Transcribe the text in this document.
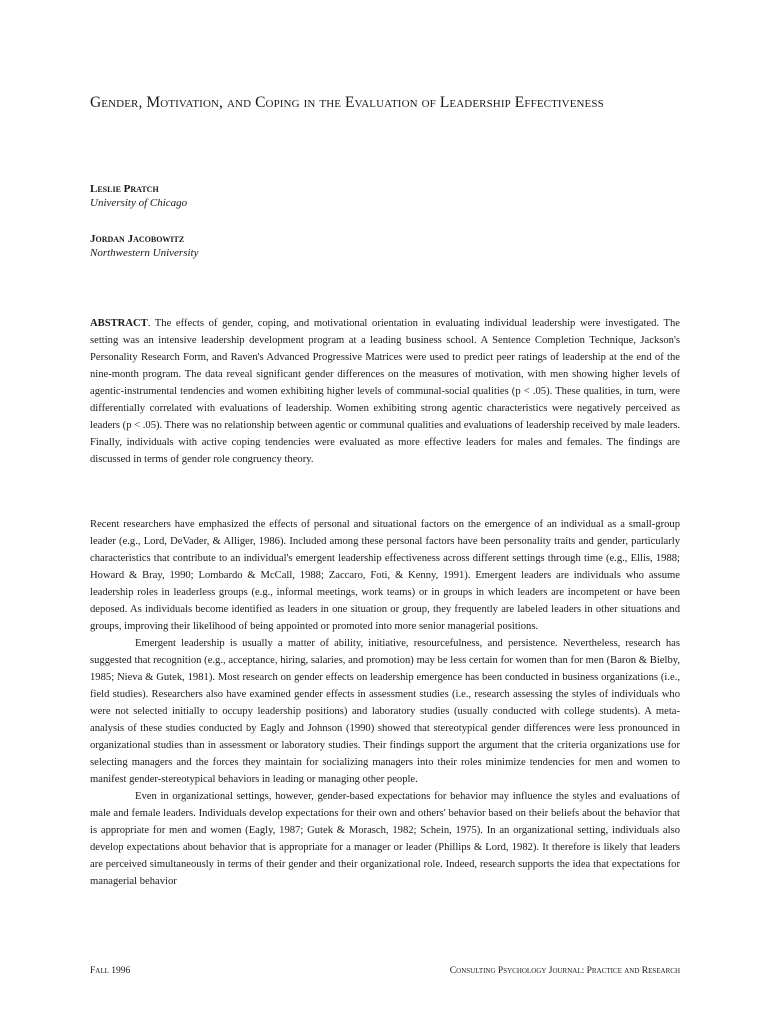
Gender, Motivation, and Coping in the Evaluation of Leadership Effectiveness
Leslie Pratch
University of Chicago
Jordan Jacobowitz
Northwestern University

ABSTRACT. The effects of gender, coping, and motivational orientation in evaluating individual leadership were investigated. The setting was an intensive leadership development program at a leading business school. A Sentence Completion Technique, Jackson's Personality Research Form, and Raven's Advanced Progressive Matrices were used to predict peer ratings of leadership at the end of the nine-month program. The data reveal significant gender differences on the measures of motivation, with men showing higher levels of agentic-instrumental tendencies and women exhibiting higher levels of communal-social qualities (p < .05). These qualities, in turn, were differentially correlated with evaluations of leadership. Women exhibiting strong agentic characteristics were negatively perceived as leaders (p < .05). There was no relationship between agentic or communal qualities and evaluations of leadership received by male leaders. Finally, individuals with active coping tendencies were evaluated as more effective leaders for males and females. The findings are discussed in terms of gender role congruency theory.

Recent researchers have emphasized the effects of personal and situational factors on the emergence of an individual as a small-group leader (e.g., Lord, DeVader, & Alliger, 1986). Included among these personal factors have been personality traits and gender, particularly characteristics that contribute to an individual's emergent leadership effectiveness across different settings through time (e.g., Ellis, 1988; Howard & Bray, 1990; Lombardo & McCall, 1988; Zaccaro, Foti, & Kenny, 1991). Emergent leaders are individuals who assume leadership roles in leaderless groups (e.g., informal meetings, work teams) or in groups in which leaders are incompetent or have been deposed. As individuals become identified as leaders in one situation or group, they frequently are labeled leaders in other situations and groups, improving their likelihood of being appointed or promoted into more senior managerial positions.

Emergent leadership is usually a matter of ability, initiative, resourcefulness, and persistence. Nevertheless, research has suggested that recognition (e.g., acceptance, hiring, salaries, and promotion) may be less certain for women than for men (Baron & Bielby, 1985; Nieva & Gutek, 1981). Most research on gender effects on leadership emergence has been conducted in business organizations (i.e., field studies). Researchers also have examined gender effects in assessment studies (i.e., research assessing the styles of individuals who were not selected initially to occupy leadership positions) and laboratory studies (usually conducted with college students). A meta-analysis of these studies conducted by Eagly and Johnson (1990) showed that stereotypical gender differences were less pronounced in organizational studies than in assessment or laboratory studies. Their findings support the argument that the criteria organizations use for selecting managers and the forces they maintain for socializing managers into their roles minimize tendencies for men and women to manifest gender-stereotypical behaviors in leading or managing other people.

Even in organizational settings, however, gender-based expectations for behavior may influence the styles and evaluations of male and female leaders. Individuals develop expectations for their own and others' behavior based on their beliefs about the behavior that is appropriate for men and women (Eagly, 1987; Gutek & Morasch, 1982; Schein, 1975). In an organizational setting, individuals also develop expectations about behavior that is appropriate for a manager or leader (Phillips & Lord, 1982). It therefore is likely that leaders are perceived simultaneously in terms of their gender and their organizational role. Indeed, research supports the idea that expectations for managerial behavior

Fall 1996	Consulting Psychology Journal: Practice and Research
